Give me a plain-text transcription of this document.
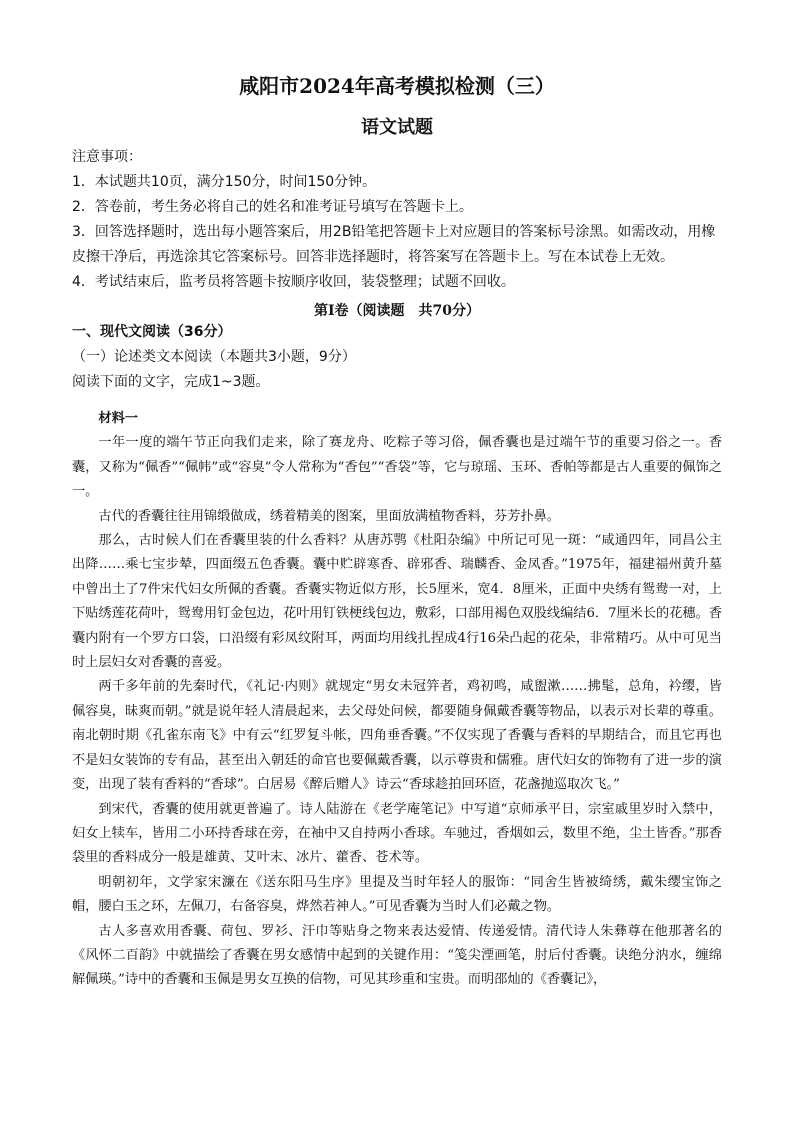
咸阳市2024年高考模拟检测（三）
语文试题

注意事项：

1．本试题共10页，满分150分，时间150分钟。

2．答卷前，考生务必将自己的姓名和准考证号填写在答题卡上。

3．回答选择题时，选出每小题答案后，用2B铅笔把答题卡上对应题目的答案标号涂黑。如需改动，用橡皮擦干净后，再选涂其它答案标号。回答非选择题时，将答案写在答题卡上。写在本试卷上无效。

4．考试结束后，监考员将答题卡按顺序收回，装袋整理；试题不回收。

第Ⅰ卷（阅读题　共70分）

一、现代文阅读（36分）

（一）论述类文本阅读（本题共3小题，9分）

阅读下面的文字，完成1~3题。

材料一

一年一度的端午节正向我们走来，除了赛龙舟、吃粽子等习俗，佩香囊也是过端午节的重要习俗之一。香囊，又称为“佩香”“佩帏”或“容臭”令人常称为“香包”“香袋”等，它与琼瑶、玉环、香帕等都是古人重要的佩饰之一。

古代的香囊往往用锦缎做成，绣着精美的图案，里面放满植物香料，芬芳扑鼻。

那么，古时候人们在香囊里装的什么香料？从唐苏鹗《杜阳杂编》中所记可见一斑：“咸通四年，同昌公主出降……乘七宝步辇，四面缀五色香囊。囊中贮辟寒香、辟邪香、瑞麟香、金凤香。”1975年，福建福州黄升墓中曾出土了7件宋代妇女所佩的香囊。香囊实物近似方形，长5厘米，宽4．8厘米，正面中央绣有鸳鸯一对，上下贴绣莲花荷叶，鸳鸯用钉金包边，花叶用钉铁梗线包边，敷彩，口部用褐色双股线编结6．7厘米长的花穗。香囊内附有一个罗方口袋，口沿缀有彩凤纹附耳，两面均用线扎捏成4行16朵凸起的花朵，非常精巧。从中可见当时上层妇女对香囊的喜爱。

两千多年前的先秦时代，《礼记·内则》就规定“男女未冠笄者，鸡初鸣，咸盥漱……拂髦，总角，衿缨，皆佩容臭，昧爽而朝。”就是说年轻人清晨起来，去父母处问候，都要随身佩戴香囊等物品，以表示对长辈的尊重。南北朝时期《孔雀东南飞》中有云“红罗复斗帐，四角垂香囊。”不仅实现了香囊与香料的早期结合，而且它再也不是妇女装饰的专有品，甚至出入朝廷的命官也要佩戴香囊，以示尊贵和儒雅。唐代妇女的饰物有了进一步的演变，出现了装有香料的“香球”。白居易《醉后赠人》诗云“香球趁拍回环匼，花盏抛巡取次飞。”

到宋代，香囊的使用就更普遍了。诗人陆游在《老学庵笔记》中写道“京师承平日，宗室戚里岁时入禁中，妇女上犊车，皆用二小环持香球在旁，在袖中又自持两小香球。车驰过，香烟如云，数里不绝，尘土皆香。”那香袋里的香料成分一般是雄黄、艾叶末、冰片、藿香、苍术等。

明朝初年，文学家宋濂在《送东阳马生序》里提及当时年轻人的服饰：“同舍生皆被绮绣，戴朱缨宝饰之帽，腰白玉之环，左佩刀，右备容臭，烨然若神人。”可见香囊为当时人们必戴之物。

古人多喜欢用香囊、荷包、罗衫、汗巾等贴身之物来表达爱情、传递爱情。清代诗人朱彝尊在他那著名的《风怀二百韵》中就描绘了香囊在男女感情中起到的关键作用：“笺尖湮画笔，肘后付香囊。诀绝分汭水，缠绵解佩瑛。”诗中的香囊和玉佩是男女互换的信物，可见其珍重和宝贵。而明邵灿的《香囊记》，
